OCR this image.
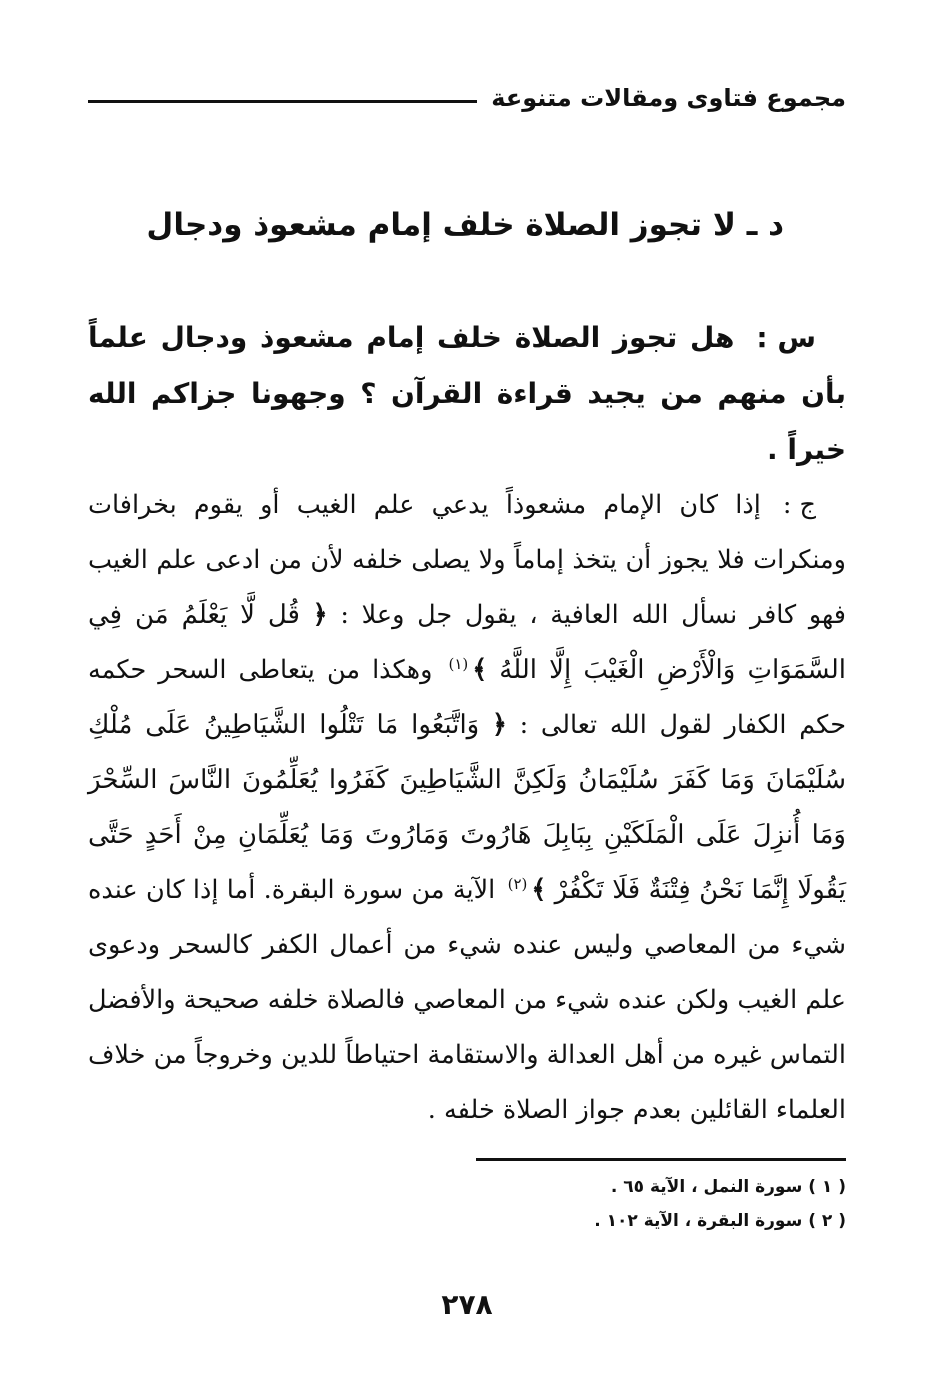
مجموع فتاوى ومقالات متنوعة
د ـ لا تجوز الصلاة خلف إمام مشعوذ ودجال
س :هل تجوز الصلاة خلف إمام مشعوذ ودجال علماً بأن منهم من يجيد قراءة القرآن ؟ وجهونا جزاكم الله خيراً .
ج :إذا كان الإمام مشعوذاً يدعي علم الغيب أو يقوم بخرافات ومنكرات فلا يجوز أن يتخذ إماماً ولا يصلى خلفه لأن من ادعى علم الغيب فهو كافر نسأل الله العافية ، يقول جل وعلا : ﴿ قُل لَّا يَعْلَمُ مَن فِي السَّمَوَاتِ وَالْأَرْضِ الْغَيْبَ إِلَّا اللَّهُ ﴾$^{(١)}$ وهكذا من يتعاطى السحر حكمه حكم الكفار لقول الله تعالى : ﴿ وَاتَّبَعُوا مَا تَتْلُوا الشَّيَاطِينُ عَلَى مُلْكِ سُلَيْمَانَ وَمَا كَفَرَ سُلَيْمَانُ وَلَكِنَّ الشَّيَاطِينَ كَفَرُوا يُعَلِّمُونَ النَّاسَ السِّحْرَ وَمَا أُنزِلَ عَلَى الْمَلَكَيْنِ بِبَابِلَ هَارُوتَ وَمَارُوتَ وَمَا يُعَلِّمَانِ مِنْ أَحَدٍ حَتَّى يَقُولَا إِنَّمَا نَحْنُ فِتْنَةٌ فَلَا تَكْفُرْ ﴾$^{(٢)}$ الآية من سورة البقرة. أما إذا كان عنده شيء من المعاصي وليس عنده شيء من أعمال الكفر كالسحر ودعوى علم الغيب ولكن عنده شيء من المعاصي فالصلاة خلفه صحيحة والأفضل التماس غيره من أهل العدالة والاستقامة احتياطاً للدين وخروجاً من خلاف العلماء القائلين بعدم جواز الصلاة خلفه .
( ١ ) سورة النمل ، الآية ٦٥ .
( ٢ ) سورة البقرة ، الآية ١٠٢ .
٢٧٨
